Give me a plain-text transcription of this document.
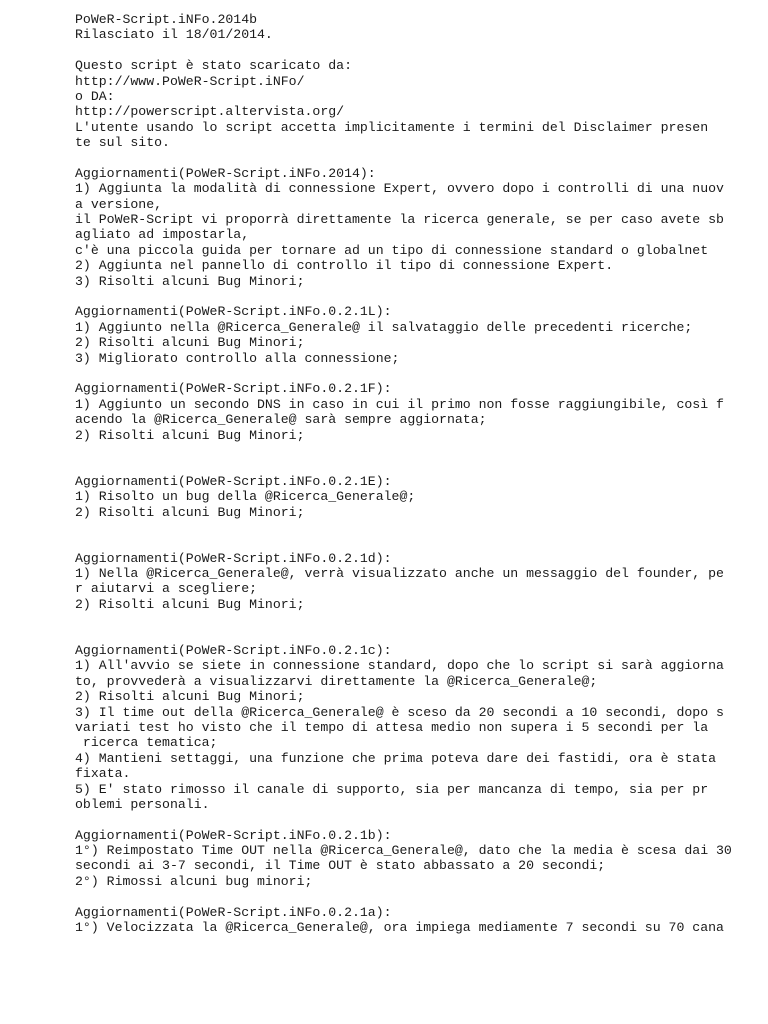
PoWeR-Script.iNFo.2014b
Rilasciato il 18/01/2014.
Questo script è stato scaricato da:
http://www.PoWeR-Script.iNFo/
o DA:
http://powerscript.altervista.org/
L'utente usando lo script accetta implicitamente i termini del Disclaimer presen
te sul sito.
Aggiornamenti(PoWeR-Script.iNFo.2014):
1) Aggiunta la modalità di connessione Expert, ovvero dopo i controlli di una nuov
a versione,
il PoWeR-Script vi proporrà direttamente la ricerca generale, se per caso avete sb
agliato ad impostarla,
c'è una piccola guida per tornare ad un tipo di connessione standard o globalnet
2) Aggiunta nel pannello di controllo il tipo di connessione Expert.
3) Risolti alcuni Bug Minori;
Aggiornamenti(PoWeR-Script.iNFo.0.2.1L):
1) Aggiunto nella @Ricerca_Generale@ il salvataggio delle precedenti ricerche;
2) Risolti alcuni Bug Minori;
3) Migliorato controllo alla connessione;
Aggiornamenti(PoWeR-Script.iNFo.0.2.1F):
1) Aggiunto un secondo DNS in caso in cui il primo non fosse raggiungibile, così f
acendo la @Ricerca_Generale@ sarà sempre aggiornata;
2) Risolti alcuni Bug Minori;
Aggiornamenti(PoWeR-Script.iNFo.0.2.1E):
1) Risolto un bug della @Ricerca_Generale@;
2) Risolti alcuni Bug Minori;
Aggiornamenti(PoWeR-Script.iNFo.0.2.1d):
1) Nella @Ricerca_Generale@, verrà visualizzato anche un messaggio del founder, pe
r aiutarvi a scegliere;
2) Risolti alcuni Bug Minori;
Aggiornamenti(PoWeR-Script.iNFo.0.2.1c):
1) All'avvio se siete in connessione standard, dopo che lo script si sarà aggiorna
to, provvederà a visualizzarvi direttamente la @Ricerca_Generale@;
2) Risolti alcuni Bug Minori;
3) Il time out della @Ricerca_Generale@ è sceso da 20 secondi a 10 secondi, dopo s
variati test ho visto che il tempo di attesa medio non supera i 5 secondi per la
ricerca tematica;
4) Mantieni settaggi, una funzione che prima poteva dare dei fastidi, ora è stata
fixata.
5) E' stato rimosso il canale di supporto, sia per mancanza di tempo, sia per pr
oblemi personali.
Aggiornamenti(PoWeR-Script.iNFo.0.2.1b):
1°) Reimpostato Time OUT nella @Ricerca_Generale@, dato che la media è scesa dai 30
secondi ai 3-7 secondi, il Time OUT è stato abbassato a 20 secondi;
2°) Rimossi alcuni bug minori;
Aggiornamenti(PoWeR-Script.iNFo.0.2.1a):
1°) Velocizzata la @Ricerca_Generale@, ora impiega mediamente 7 secondi su 70 cana
